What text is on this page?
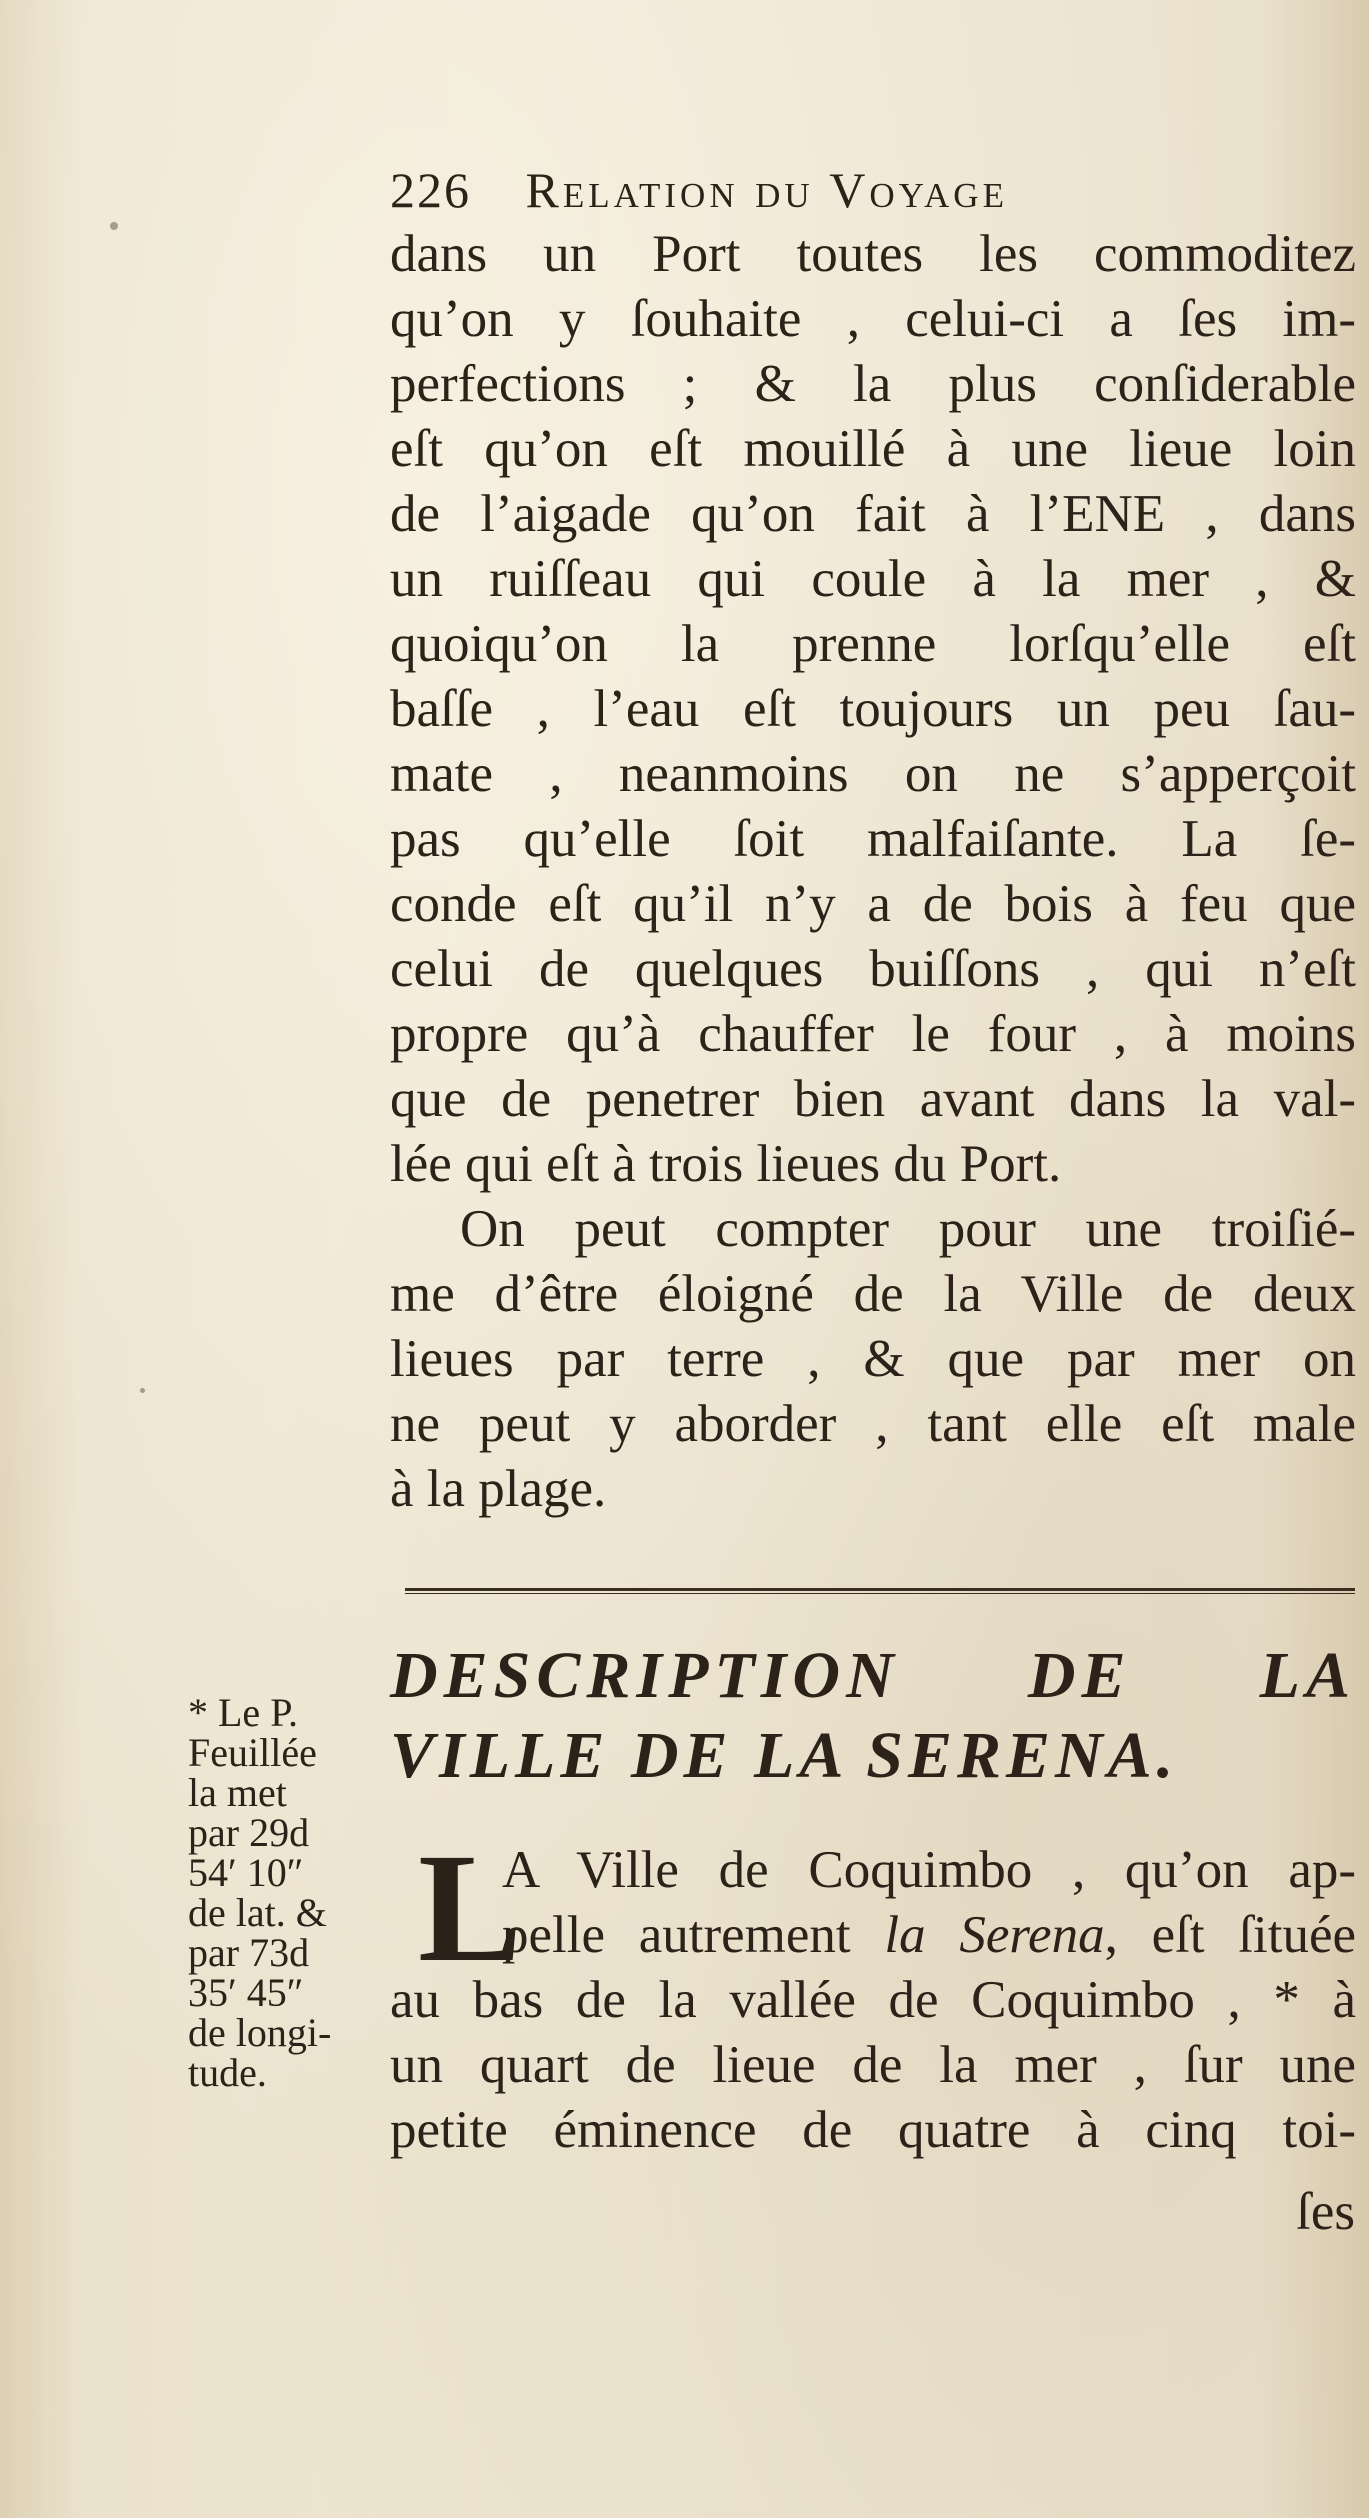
226 Relation du Voyage
dans un Port toutes les commoditez
qu’on y ſouhaite , celui-ci a ſes im-
perfections ; & la plus conſiderable
eſt qu’on eſt mouillé à une lieue loin
de l’aigade qu’on fait à l’ENE , dans
un ruiſſeau qui coule à la mer , &
quoiqu’on la prenne lorſqu’elle eſt
baſſe , l’eau eſt toujours un peu ſau-
mate , neanmoins on ne s’apperçoit
pas qu’elle ſoit malfaiſante. La ſe-
conde eſt qu’il n’y a de bois à feu que
celui de quelques buiſſons , qui n’eſt
propre qu’à chauffer le four , à moins
que de penetrer bien avant dans la val-
lée qui eſt à trois lieues du Port.
On peut compter pour une troiſié-
me d’être éloigné de la Ville de deux
lieues par terre , & que par mer on
ne peut y aborder , tant elle eſt male
à la plage.
DESCRIPTION DE LA
VILLE DE LA SERENA.
* Le P.
Feuillée
la met
par 29d
54′ 10″
de lat. &
par 73d
35′ 45″
de longi-
tude.
L
A Ville de Coquimbo , qu’on ap-
pelle autrement la Serena, eſt ſituée
au bas de la vallée de Coquimbo , * à
un quart de lieue de la mer , ſur une
petite éminence de quatre à cinq toi-
ſes
